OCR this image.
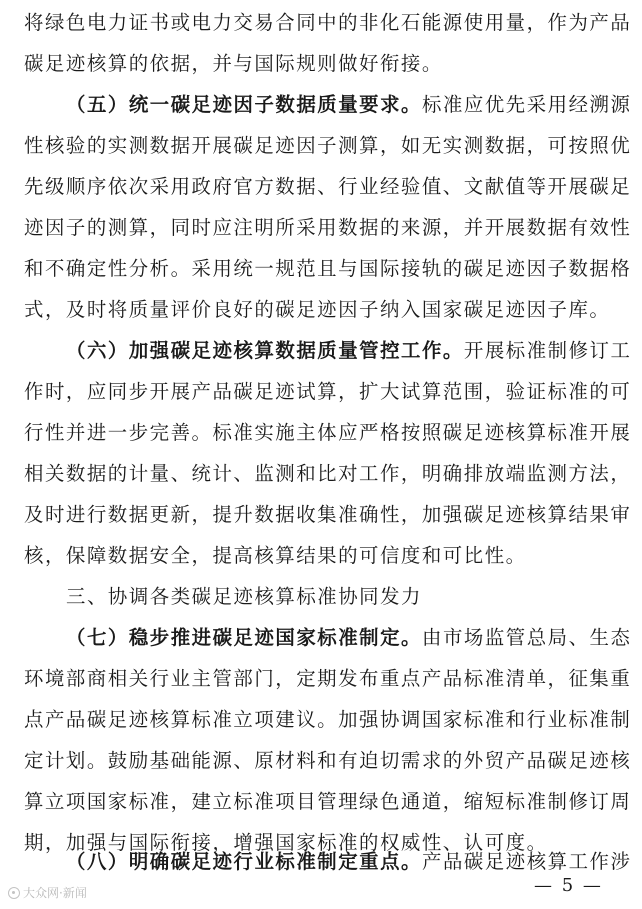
将绿色电力证书或电力交易合同中的非化石能源使用量，作为产品
碳足迹核算的依据，并与国际规则做好衔接。
（五）统一碳足迹因子数据质量要求。标准应优先采用经溯源
性核验的实测数据开展碳足迹因子测算，如无实测数据，可按照优
先级顺序依次采用政府官方数据、行业经验值、文献值等开展碳足
迹因子的测算，同时应注明所采用数据的来源，并开展数据有效性
和不确定性分析。采用统一规范且与国际接轨的碳足迹因子数据格
式，及时将质量评价良好的碳足迹因子纳入国家碳足迹因子库。
（六）加强碳足迹核算数据质量管控工作。开展标准制修订工
作时，应同步开展产品碳足迹试算，扩大试算范围，验证标准的可
行性并进一步完善。标准实施主体应严格按照碳足迹核算标准开展
相关数据的计量、统计、监测和比对工作，明确排放端监测方法，
及时进行数据更新，提升数据收集准确性，加强碳足迹核算结果审
核，保障数据安全，提高核算结果的可信度和可比性。
三、协调各类碳足迹核算标准协同发力
（七）稳步推进碳足迹国家标准制定。由市场监管总局、生态
环境部商相关行业主管部门，定期发布重点产品标准清单，征集重
点产品碳足迹核算标准立项建议。加强协调国家标准和行业标准制
定计划。鼓励基础能源、原材料和有迫切需求的外贸产品碳足迹核
算立项国家标准，建立标准项目管理绿色通道，缩短标准制修订周
期，加强与国际衔接，增强国家标准的权威性、认可度。
（八）明确碳足迹行业标准制定重点。产品碳足迹核算工作涉
大众网·新闻	— 5 —
